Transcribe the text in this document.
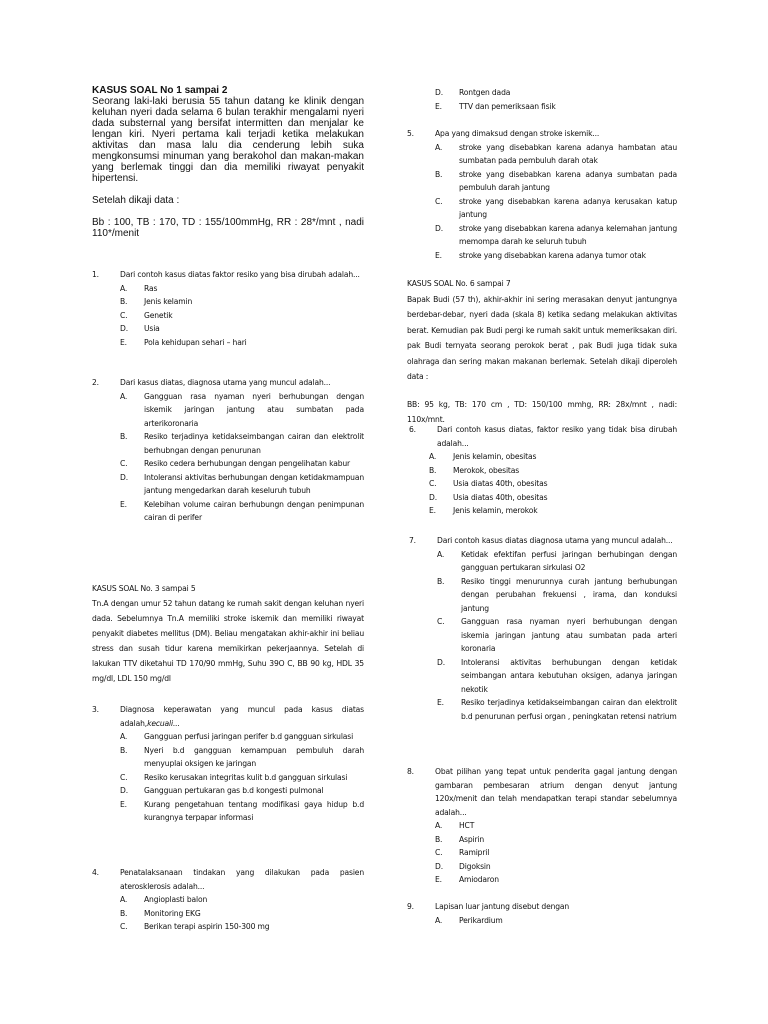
KASUS SOAL No 1 sampai 2
Seorang laki-laki berusia 55 tahun datang ke klinik dengan keluhan nyeri dada selama 6 bulan terakhir mengalami nyeri dada substernal yang bersifat intermitten dan menjalar ke lengan kiri. Nyeri pertama kali terjadi ketika melakukan aktivitas dan masa lalu dia cenderung lebih suka mengkonsumsi minuman yang berakohol dan makan-makan yang berlemak tinggi dan dia memiliki riwayat penyakit hipertensi.
Setelah dikaji data :
Bb : 100, TB : 170, TD : 155/100mmHg, RR : 28*/mnt , nadi 110*/menit
1.	Dari contoh kasus diatas faktor resiko yang bisa dirubah adalah...
A.	Ras
B.	Jenis kelamin
C.	Genetik
D.	Usia
E.	Pola kehidupan sehari – hari
2.	Dari kasus diatas, diagnosa utama yang muncul adalah...
A.	Gangguan rasa nyaman nyeri berhubungan dengan iskemik jaringan jantung atau sumbatan pada arterikoronaria
B.	Resiko terjadinya ketidakseimbangan cairan dan elektrolit berhubngan dengan penurunan
C.	Resiko cedera berhubungan dengan pengelihatan kabur
D.	Intoleransi aktivitas berhubungan dengan ketidakmampuan jantung mengedarkan darah keseluruh tubuh
E.	Kelebihan volume cairan berhubungn dengan penimpunan cairan di perifer
KASUS SOAL No. 3 sampai 5
Tn.A dengan umur 52 tahun datang ke rumah sakit dengan keluhan nyeri dada. Sebelumnya Tn.A memiliki stroke iskemik dan memiliki riwayat penyakit diabetes mellitus (DM). Beliau mengatakan akhir-akhir ini beliau stress dan susah tidur karena memikirkan pekerjaannya. Setelah di lakukan TTV diketahui TD 170/90 mmHg, Suhu 39O C, BB 90 kg, HDL 35 mg/dl, LDL 150 mg/dl
3.	Diagnosa keperawatan yang muncul pada kasus diatas adalah,kecuali...
A.	Gangguan perfusi jaringan perifer b.d gangguan sirkulasi
B.	Nyeri b.d gangguan kemampuan pembuluh darah menyuplai oksigen ke jaringan
C.	Resiko kerusakan integritas kulit b.d gangguan sirkulasi
D.	Gangguan pertukaran gas b.d kongesti pulmonal
E.	Kurang pengetahuan tentang modifikasi gaya hidup b.d kurangnya terpapar informasi
4.	Penatalaksanaan tindakan yang dilakukan pada pasien aterosklerosis adalah...
A.	Angioplasti balon
B.	Monitoring EKG
C.	Berikan terapi aspirin 150-300 mg
D.	Rontgen dada
E.	TTV dan pemeriksaan fisik
5.	Apa yang dimaksud dengan stroke iskemik...
A.	stroke yang disebabkan karena adanya hambatan atau sumbatan pada pembuluh darah otak
B.	stroke yang disebabkan karena adanya sumbatan pada pembuluh darah jantung
C.	stroke yang disebabkan karena adanya kerusakan katup jantung
D.	stroke yang disebabkan karena adanya kelemahan jantung memompa darah ke seluruh tubuh
E.	stroke yang disebabkan karena adanya tumor otak
KASUS SOAL No. 6 sampai 7
Bapak Budi (57 th), akhir-akhir ini sering merasakan denyut jantungnya berdebar-debar, nyeri dada (skala 8) ketika sedang melakukan aktivitas berat. Kemudian pak Budi pergi ke rumah sakit untuk memeriksakan diri. pak Budi ternyata seorang perokok berat , pak Budi juga tidak suka olahraga dan sering makan makanan berlemak. Setelah dikaji diperoleh data :
BB: 95 kg, TB: 170 cm , TD: 150/100 mmhg, RR: 28x/mnt , nadi: 110x/mnt.
6.	Dari contoh kasus diatas, faktor resiko yang tidak bisa dirubah adalah...
A.	Jenis kelamin, obesitas
B.	Merokok, obesitas
C.	Usia diatas 40th, obesitas
D.	Usia diatas 40th, obesitas
E.	Jenis kelamin, merokok
7.	Dari contoh kasus diatas diagnosa utama yang muncul adalah...
A.	Ketidak efektifan perfusi jaringan berhubingan dengan gangguan pertukaran sirkulasi O2
B.	Resiko tinggi menurunnya curah jantung berhubungan dengan perubahan frekuensi , irama, dan konduksi jantung
C.	Gangguan rasa nyaman nyeri berhubungan dengan iskemia jaringan jantung atau sumbatan pada arteri koronaria
D.	Intoleransi aktivitas berhubungan dengan ketidak seimbangan antara kebutuhan oksigen, adanya jaringan nekotik
E.	Resiko terjadinya ketidakseimbangan cairan dan elektrolit b.d penurunan perfusi organ , peningkatan retensi natrium
8.	Obat pilihan yang tepat untuk penderita gagal jantung dengan gambaran pembesaran atrium dengan denyut jantung 120x/menit dan telah mendapatkan terapi standar sebelumnya adalah...
A.	HCT
B.	Aspirin
C.	Ramipril
D.	Digoksin
E.	Amiodaron
9.	Lapisan luar jantung disebut dengan
A.	Perikardium
